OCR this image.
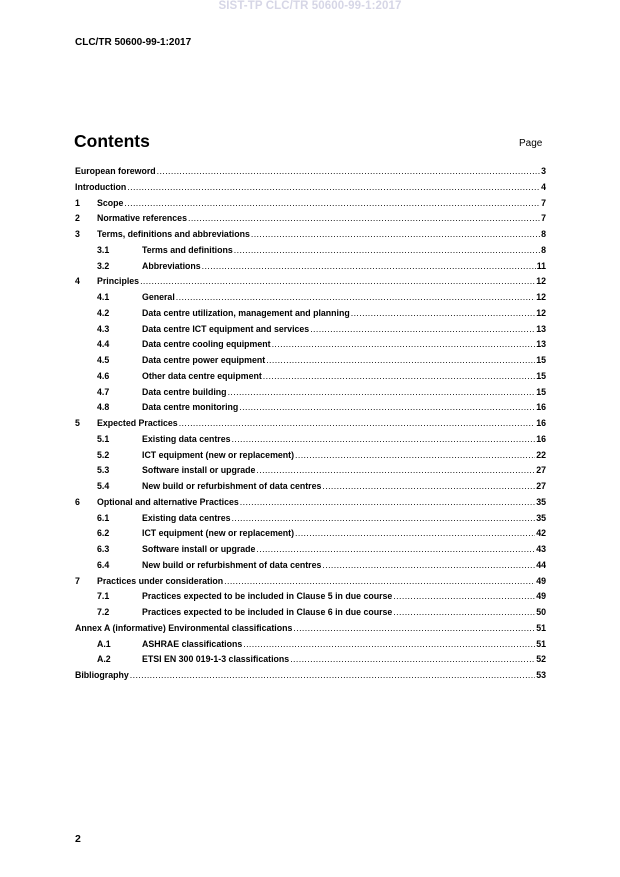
SIST-TP CLC/TR 50600-99-1:2017
CLC/TR 50600-99-1:2017
Contents	Page
European foreword .....	3
Introduction .....	4
1	Scope .....	7
2	Normative references .....	7
3	Terms, definitions and abbreviations .....	8
3.1	Terms and definitions .....	8
3.2	Abbreviations .....	11
4	Principles .....	12
4.1	General .....	12
4.2	Data centre utilization, management and planning .....	12
4.3	Data centre ICT equipment and services .....	13
4.4	Data centre cooling equipment .....	13
4.5	Data centre power equipment .....	15
4.6	Other data centre equipment .....	15
4.7	Data centre building .....	15
4.8	Data centre monitoring .....	16
5	Expected Practices .....	16
5.1	Existing data centres .....	16
5.2	ICT equipment (new or replacement) .....	22
5.3	Software install or upgrade .....	27
5.4	New build or refurbishment of data centres .....	27
6	Optional and alternative Practices .....	35
6.1	Existing data centres .....	35
6.2	ICT equipment (new or replacement) .....	42
6.3	Software install or upgrade .....	43
6.4	New build or refurbishment of data centres .....	44
7	Practices under consideration .....	49
7.1	Practices expected to be included in Clause 5 in due course .....	49
7.2	Practices expected to be included in Clause 6 in due course .....	50
Annex A (informative) Environmental classifications .....	51
A.1	ASHRAE classifications .....	51
A.2	ETSI EN 300 019-1-3 classifications .....	52
Bibliography .....	53
2
